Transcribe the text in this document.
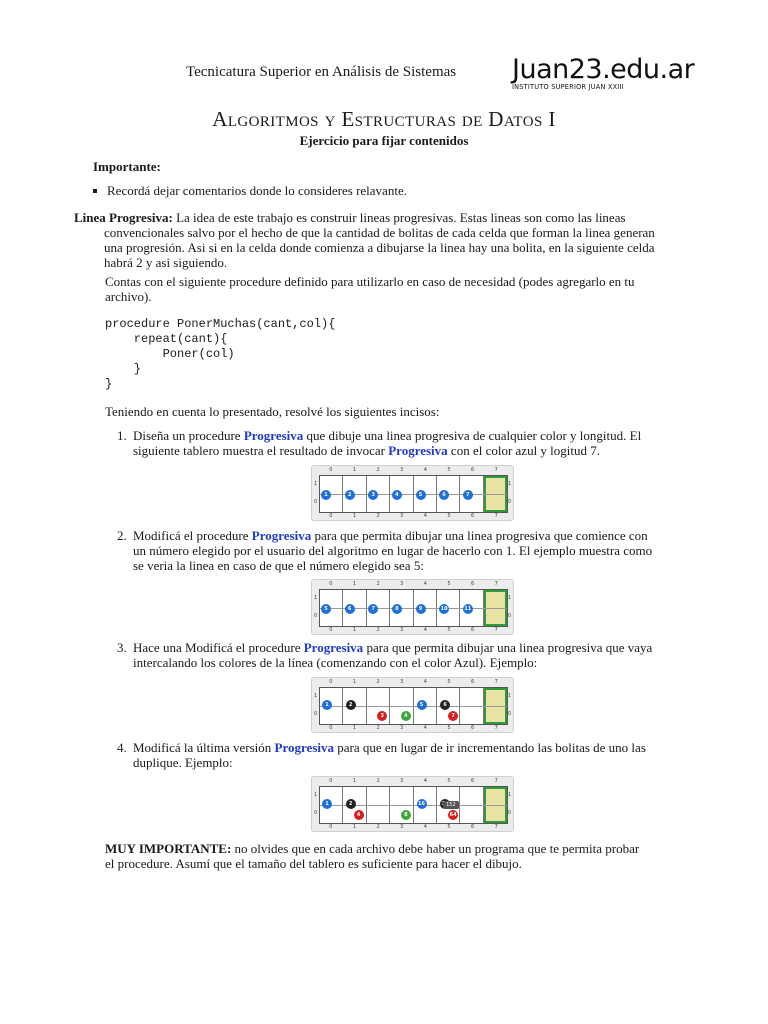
Tecnicatura Superior en Análisis de Sistemas Juan23.edu.ar
INSTITUTO SUPERIOR JUAN XXIII
Algoritmos y Estructuras de Datos I
Ejercicio para fijar contenidos
Importante:
Recordá dejar comentarios donde lo consideres relavante.
Linea Progresiva: La idea de este trabajo es construir lineas progresivas. Estas lineas son como las lineas
convencionales salvo por el hecho de que la cantidad de bolitas de cada celda que forman la linea generan
una progresión. Asi si en la celda donde comienza a dibujarse la linea hay una bolita, en la siguiente celda
habrá 2 y asi siguiendo.
Contas con el siguiente procedure definido para utilizarlo en caso de necesidad (podes agregarlo en tu
archivo).
procedure PonerMuchas(cant,col){
repeat(cant){
Poner(col)
}
}
Teniendo en cuenta lo presentado, resolvé los siguientes incisos:
1. Diseña un procedure Progresiva que dibuje una linea progresiva de cualquier color y longitud. El
siguiente tablero muestra el resultado de invocar Progresiva con el color azul y logitud 7.
0	1	2	3	4	5	6	7
0	1	2	3	4	5	6	7
1	1
0	0
1	2	3	4	5	6	7
2. Modificá el procedure Progresiva para que permita dibujar una linea progresiva que comience con
un número elegido por el usuario del algoritmo en lugar de hacerlo con 1. El ejemplo muestra como
se veria la linea en caso de que el número elegido sea 5:
0	1	2	3	4	5	6	7
0	1	2	3	4	5	6	7
1	1
0	0
5	6	7	8	9	10	11
3. Hace una Modificá el procedure Progresiva para que permita dibujar una linea progresiva que vaya
intercalando los colores de la línea (comenzando con el color Azul). Ejemplo:
0	1	2	3	4	5	6	7
0	1	2	3	4	5	6	7
1	1
0	0
1	2
3	4
5	6
7
4. Modificá la última versión Progresiva para que en lugar de ir incrementando las bolitas de uno las
duplique. Ejemplo:
0	1	2	3	4	5	6	7
0	1	2	3	4	5	6	7
1	1
0	0
1	2
4	8
16
64
152
MUY IMPORTANTE: no olvides que en cada archivo debe haber un programa que te permita probar
el procedure. Asumí que el tamaño del tablero es suficiente para hacer el dibujo.
